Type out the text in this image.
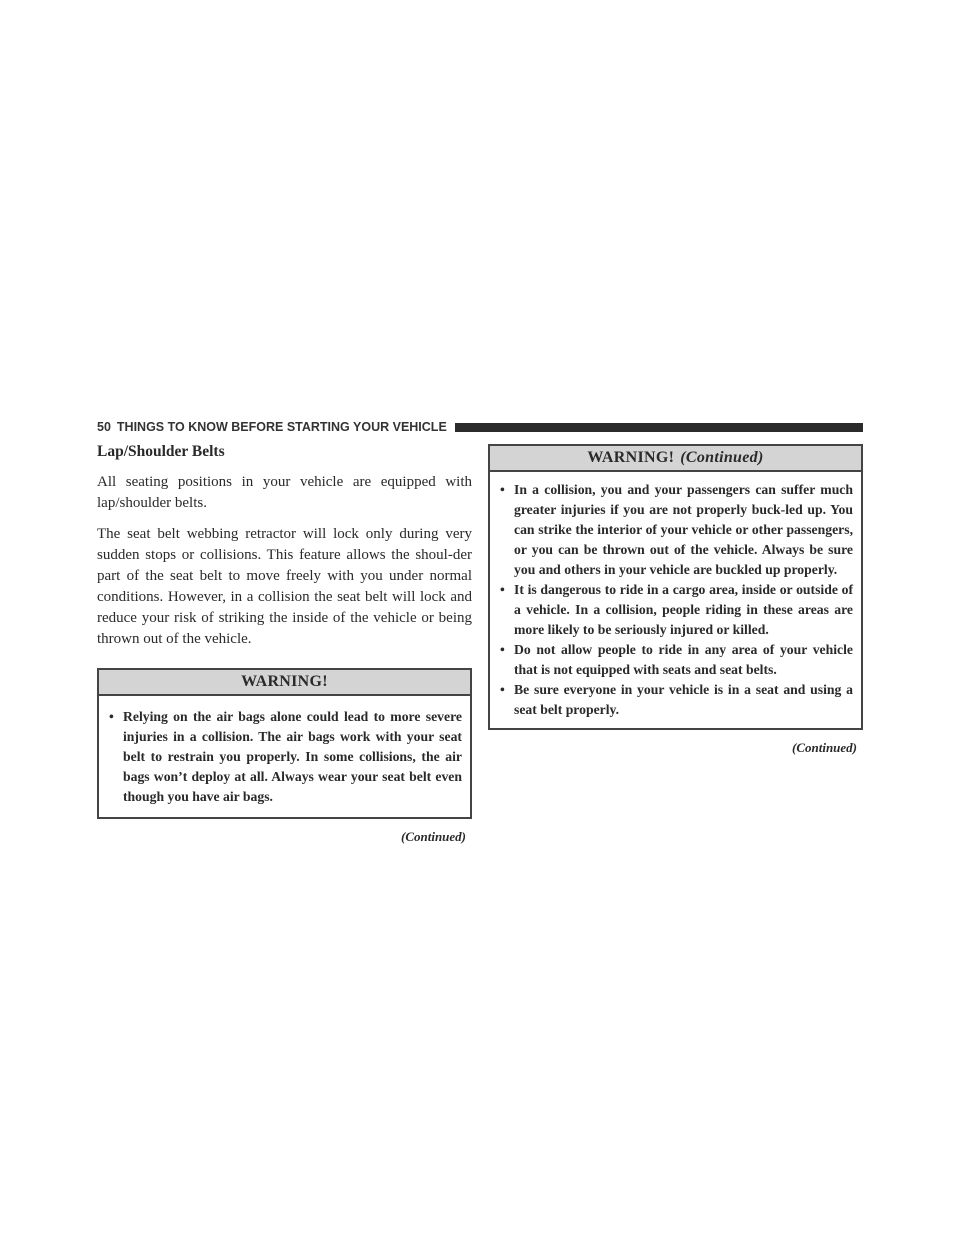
50 THINGS TO KNOW BEFORE STARTING YOUR VEHICLE
Lap/Shoulder Belts

All seating positions in your vehicle are equipped with lap/shoulder belts.

The seat belt webbing retractor will lock only during very sudden stops or collisions. This feature allows the shoul-der part of the seat belt to move freely with you under normal conditions. However, in a collision the seat belt will lock and reduce your risk of striking the inside of the vehicle or being thrown out of the vehicle.

WARNING!
• Relying on the air bags alone could lead to more severe injuries in a collision. The air bags work with your seat belt to restrain you properly. In some collisions, the air bags won’t deploy at all. Always wear your seat belt even though you have air bags.
(Continued)
WARNING! (Continued)
• In a collision, you and your passengers can suffer much greater injuries if you are not properly buck-led up. You can strike the interior of your vehicle or other passengers, or you can be thrown out of the vehicle. Always be sure you and others in your vehicle are buckled up properly.
• It is dangerous to ride in a cargo area, inside or outside of a vehicle. In a collision, people riding in these areas are more likely to be seriously injured or killed.
• Do not allow people to ride in any area of your vehicle that is not equipped with seats and seat belts.
• Be sure everyone in your vehicle is in a seat and using a seat belt properly.
(Continued)
